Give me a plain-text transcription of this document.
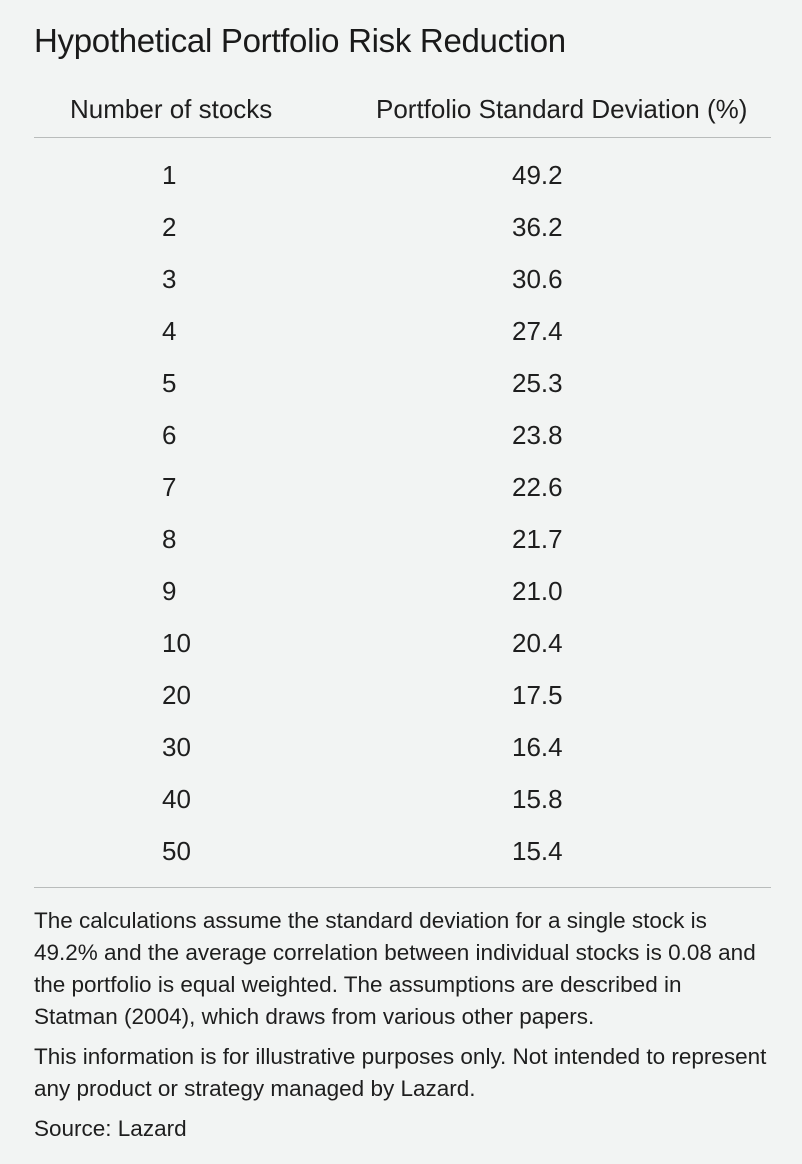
Hypothetical Portfolio Risk Reduction
Number of stocks	Portfolio Standard Deviation (%)
1	49.2
2	36.2
3	30.6
4	27.4
5	25.3
6	23.8
7	22.6
8	21.7
9	21.0
10	20.4
20	17.5
30	16.4
40	15.8
50	15.4

The calculations assume the standard deviation for a single stock is 49.2% and the average correlation between individual stocks is 0.08 and the portfolio is equal weighted. The assumptions are described in Statman (2004), which draws from various other papers.

This information is for illustrative purposes only. Not intended to represent any product or strategy managed by Lazard.

Source: Lazard
